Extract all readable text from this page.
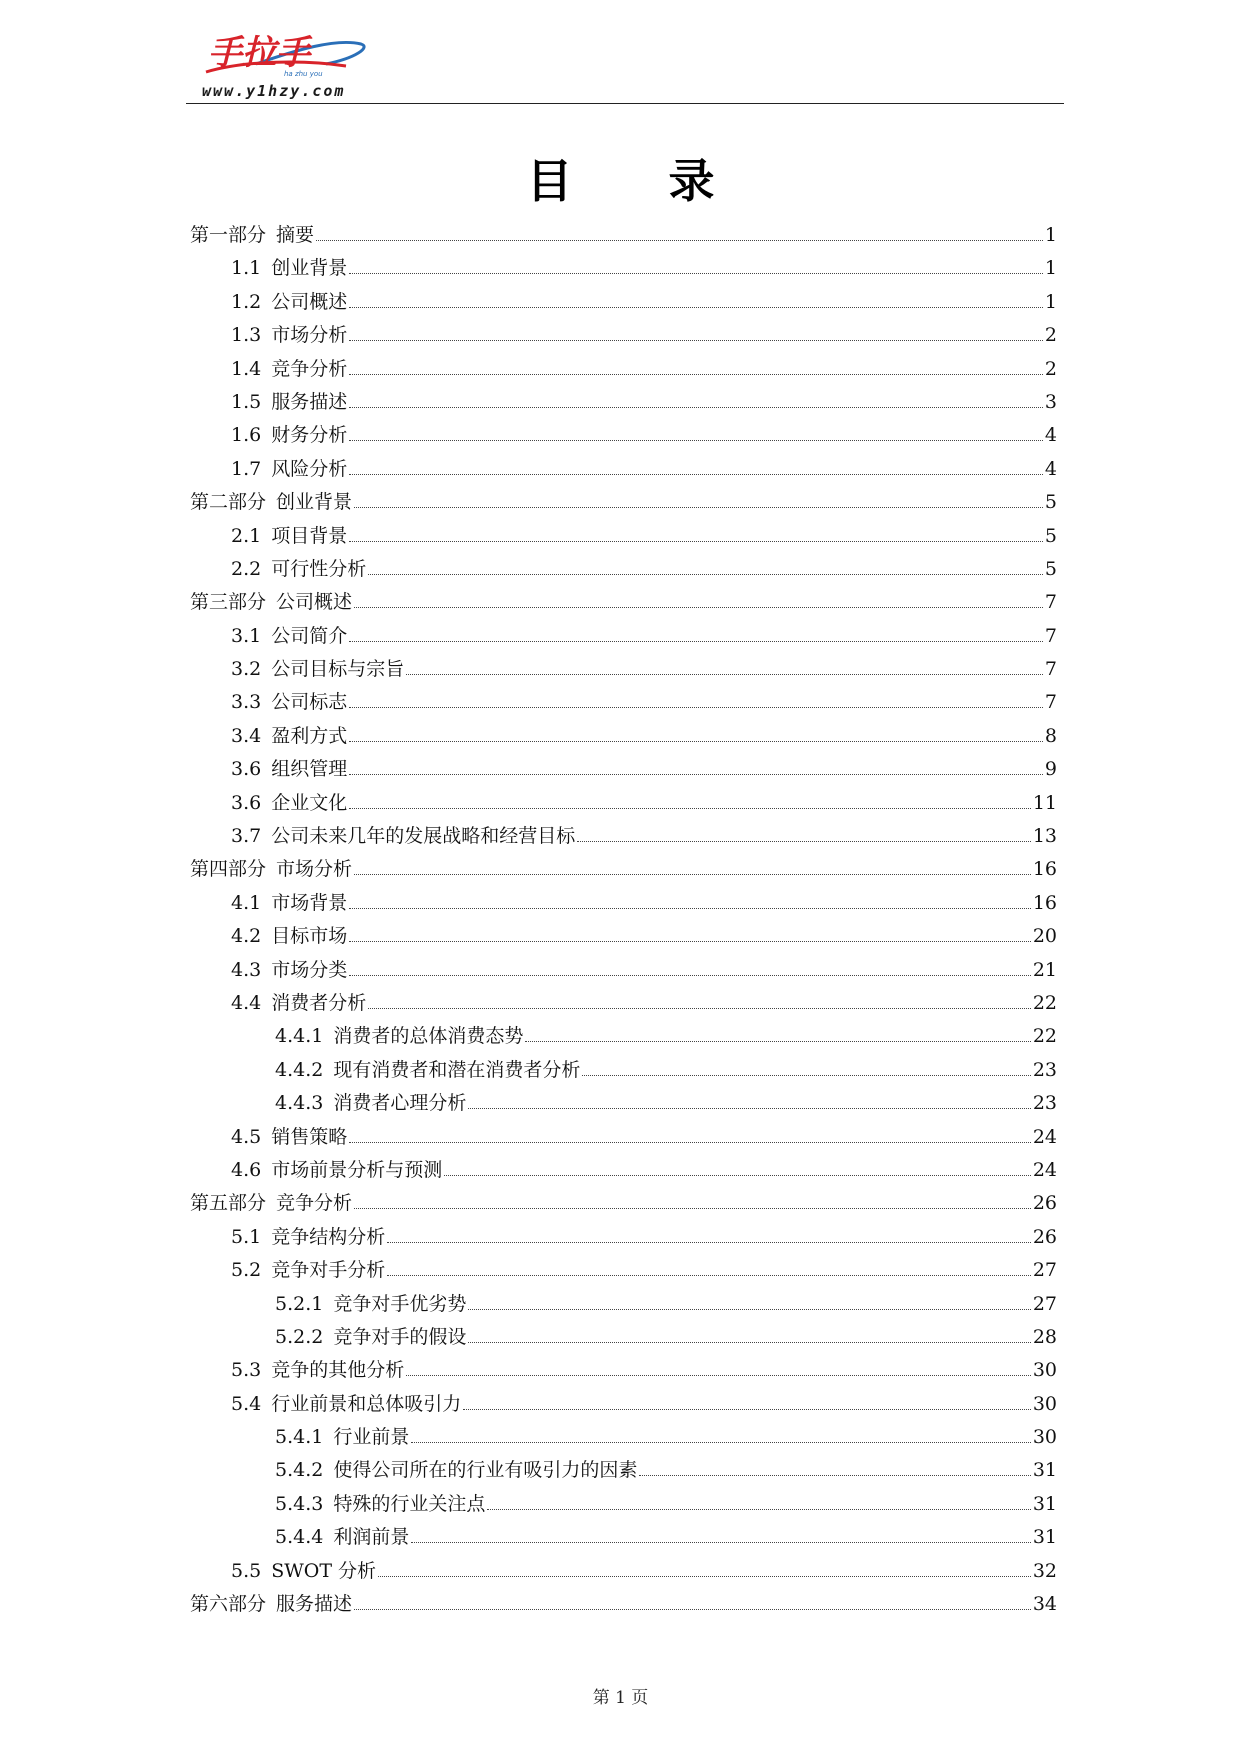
手拉手
ha zhu you
www.y1hzy.com
目 录
第一部分 摘要	1
1.1 创业背景	1
1.2 公司概述	1
1.3 市场分析	2
1.4 竞争分析	2
1.5 服务描述	3
1.6 财务分析	4
1.7 风险分析	4
第二部分 创业背景	5
2.1 项目背景	5
2.2 可行性分析	5
第三部分 公司概述	7
3.1 公司简介	7
3.2 公司目标与宗旨	7
3.3 公司标志	7
3.4 盈利方式	8
3.6 组织管理	9
3.6 企业文化	11
3.7 公司未来几年的发展战略和经营目标	13
第四部分 市场分析	16
4.1 市场背景	16
4.2 目标市场	20
4.3 市场分类	21
4.4 消费者分析	22
4.4.1 消费者的总体消费态势	22
4.4.2 现有消费者和潜在消费者分析	23
4.4.3 消费者心理分析	23
4.5 销售策略	24
4.6 市场前景分析与预测	24
第五部分 竞争分析	26
5.1 竞争结构分析	26
5.2 竞争对手分析	27
5.2.1 竞争对手优劣势	27
5.2.2 竞争对手的假设	28
5.3 竞争的其他分析	30
5.4 行业前景和总体吸引力	30
5.4.1 行业前景	30
5.4.2 使得公司所在的行业有吸引力的因素	31
5.4.3 特殊的行业关注点	31
5.4.4 利润前景	31
5.5 SWOT 分析	32
第六部分 服务描述	34
第 1 页
